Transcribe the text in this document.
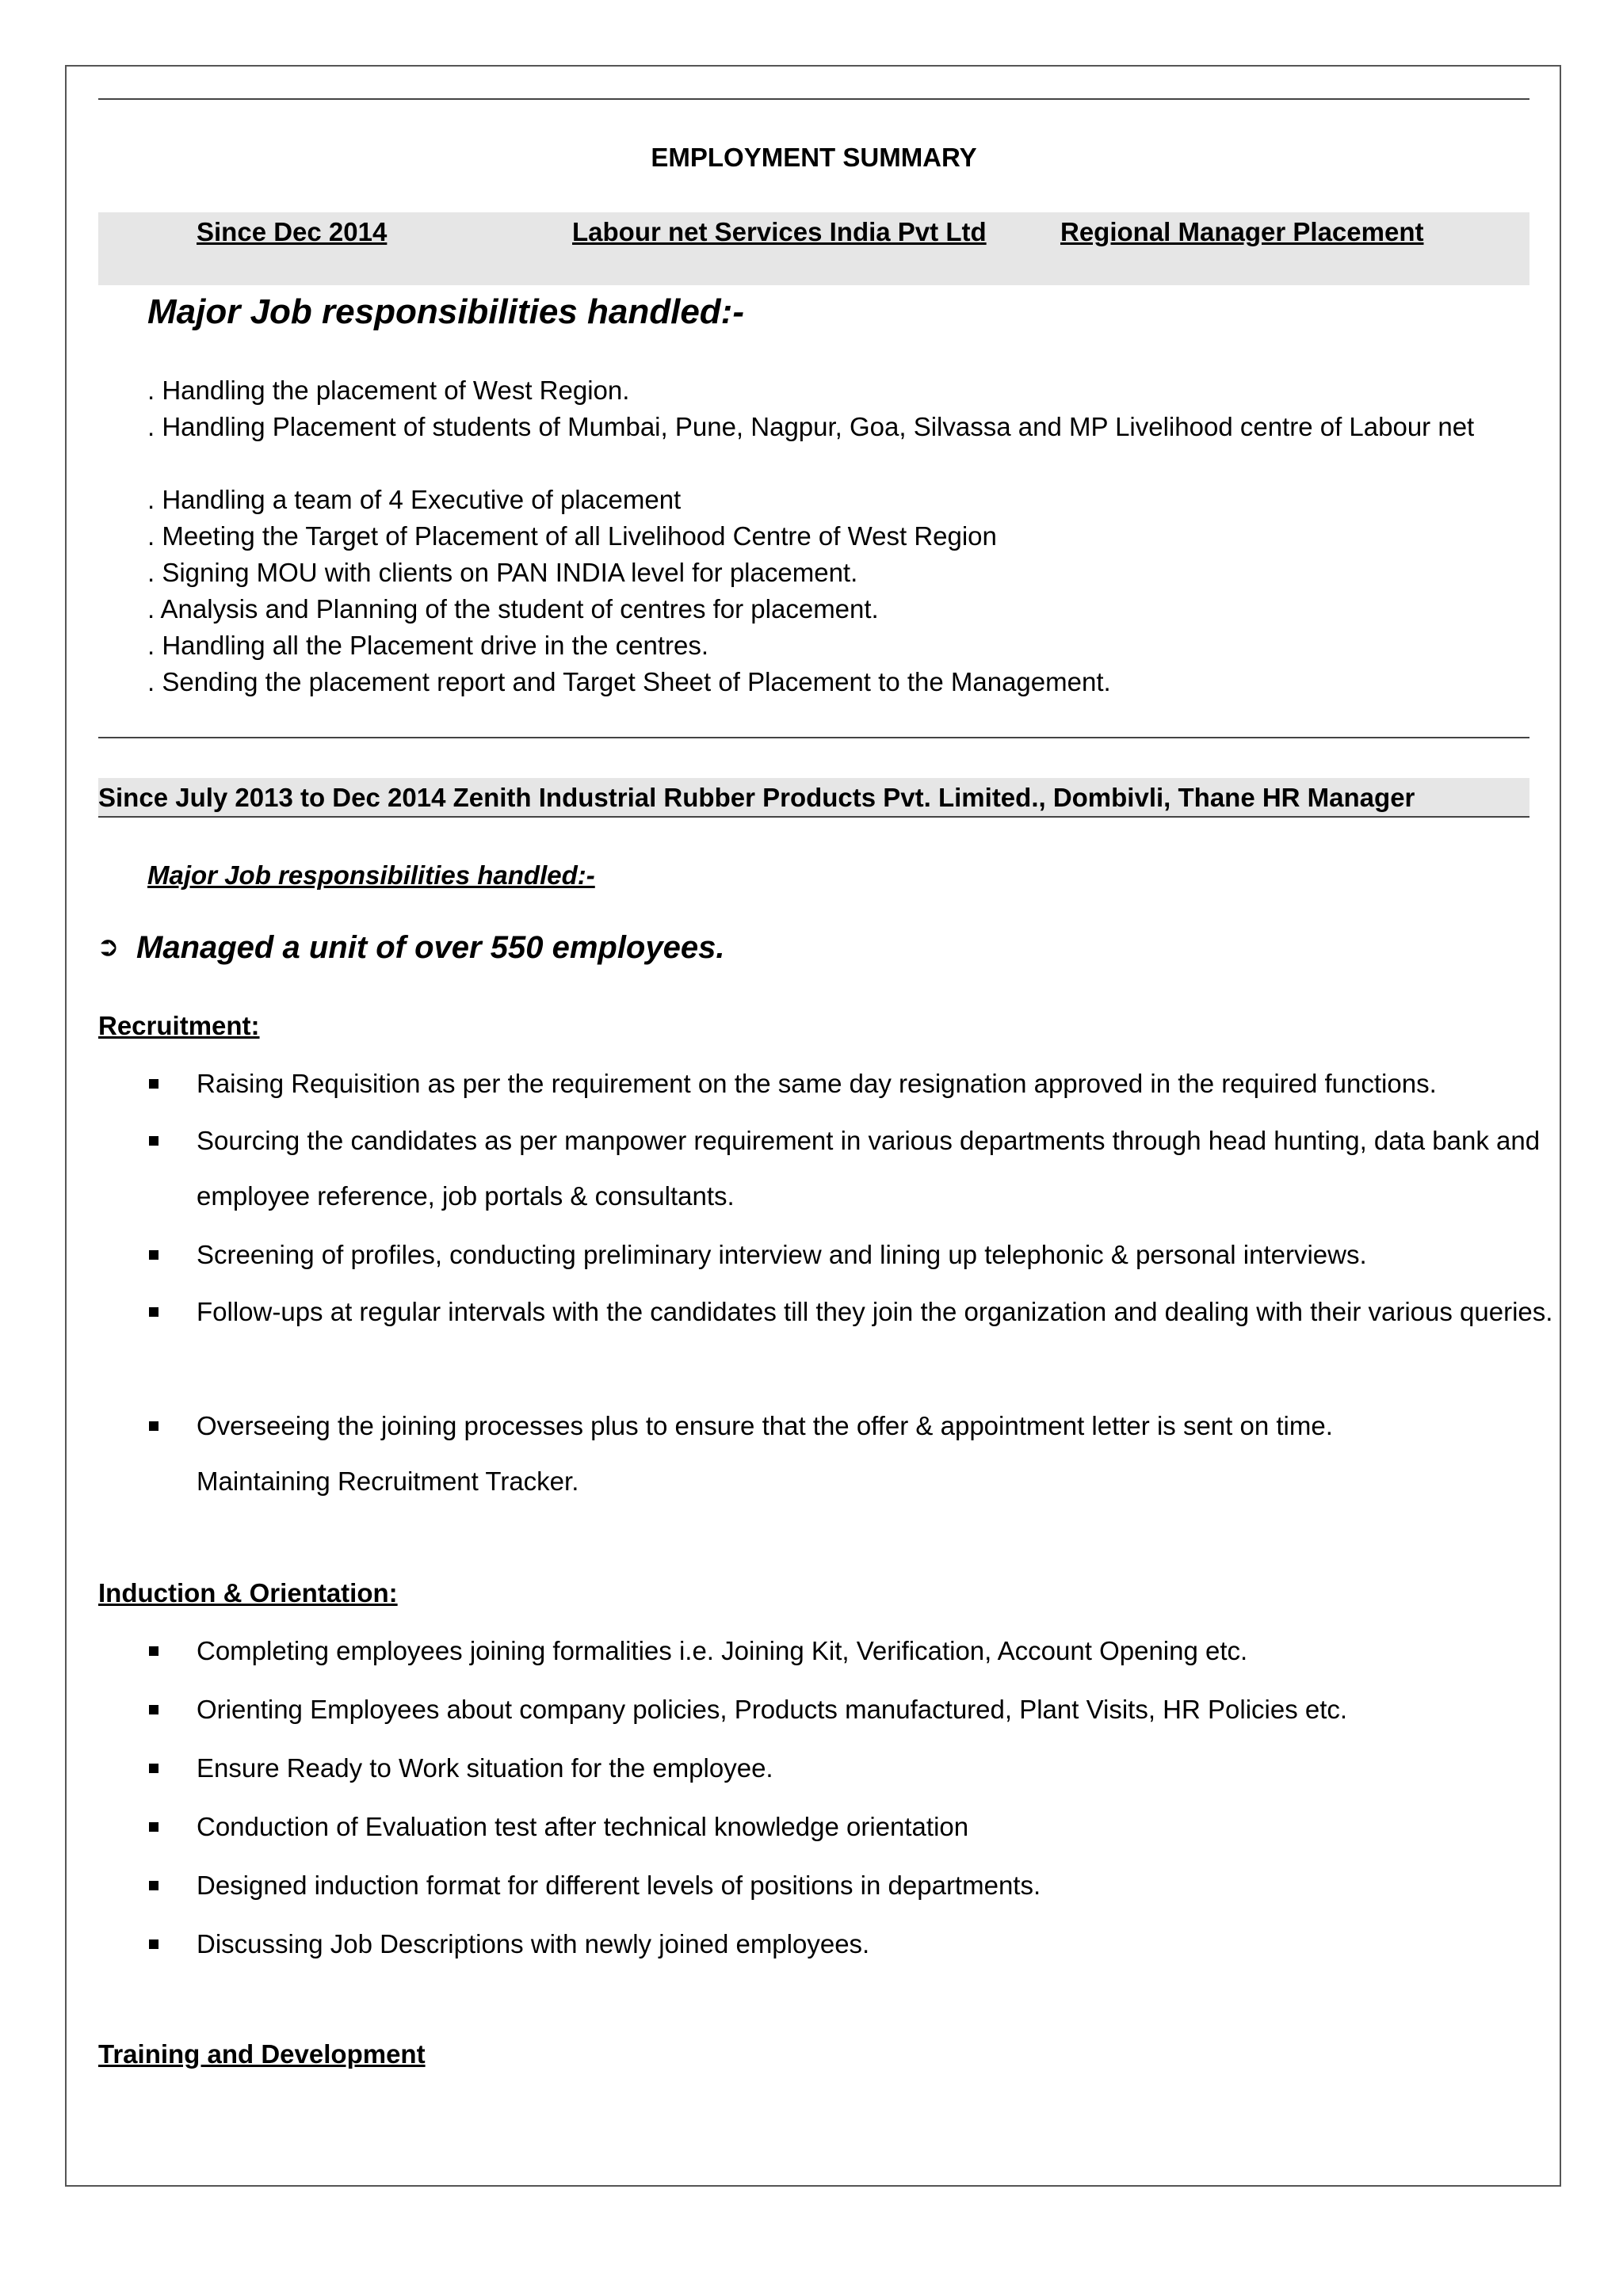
EMPLOYMENT SUMMARY
Since Dec 2014	Labour net Services India Pvt Ltd	Regional Manager Placement
Major Job responsibilities handled:-
. Handling the placement of West Region.
. Handling Placement of students of Mumbai, Pune, Nagpur, Goa, Silvassa and MP Livelihood centre of Labour net
. Handling a team of 4 Executive of placement
. Meeting the Target of Placement of all Livelihood Centre of West Region
. Signing MOU with clients on PAN INDIA level for placement.
. Analysis and Planning of the student of centres for placement.
. Handling all the Placement drive in the centres.
. Sending the placement report and Target Sheet of Placement to the Management.
Since July 2013 to Dec 2014 Zenith Industrial Rubber Products Pvt. Limited., Dombivli, Thane HR Manager
Major Job responsibilities handled:-
➲ Managed a unit of over 550 employees.
Recruitment:
Raising Requisition as per the requirement on the same day resignation approved in the required functions.
Sourcing the candidates as per manpower requirement in various departments through head hunting, data bank and employee reference, job portals & consultants.
Screening of profiles, conducting preliminary interview and lining up telephonic & personal interviews.
Follow-ups at regular intervals with the candidates till they join the organization and dealing with their various queries.
Overseeing the joining processes plus to ensure that the offer & appointment letter is sent on time. Maintaining Recruitment Tracker.
Induction & Orientation:
Completing employees joining formalities i.e. Joining Kit, Verification, Account Opening etc.
Orienting Employees about company policies, Products manufactured, Plant Visits, HR Policies etc.
Ensure Ready to Work situation for the employee.
Conduction of Evaluation test after technical knowledge orientation
Designed induction format for different levels of positions in departments.
Discussing Job Descriptions with newly joined employees.
Training and Development
